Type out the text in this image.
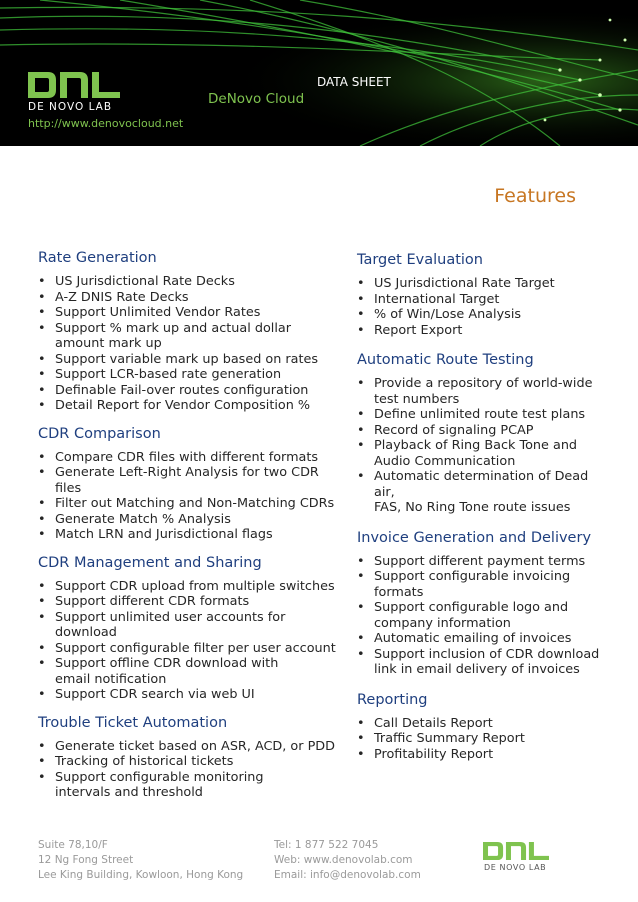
DE NOVO LAB
http://www.denovocloud.net
DeNovo Cloud
DATA SHEET
Features
Rate Generation
• US Jurisdictional Rate Decks
• A-Z DNIS Rate Decks
• Support Unlimited Vendor Rates
• Support % mark up and actual dollar
amount mark up
• Support variable mark up based on rates
• Support LCR-based rate generation
• Definable Fail-over routes configuration
• Detail Report for Vendor Composition %
CDR Comparison
• Compare CDR files with different formats
• Generate Left-Right Analysis for two CDR files
• Filter out Matching and Non-Matching CDRs
• Generate Match % Analysis
• Match LRN and Jurisdictional flags
CDR Management and Sharing
• Support CDR upload from multiple switches
• Support different CDR formats
• Support unlimited user accounts for download
• Support configurable filter per user account
• Support offline CDR download with
email notification
• Support CDR search via web UI
Trouble Ticket Automation
• Generate ticket based on ASR, ACD, or PDD
• Tracking of historical tickets
• Support configurable monitoring
intervals and threshold
Target Evaluation
• US Jurisdictional Rate Target
• International Target
• % of Win/Lose Analysis
• Report Export
Automatic Route Testing
• Provide a repository of world-wide
test numbers
• Define unlimited route test plans
• Record of signaling PCAP
• Playback of Ring Back Tone and
Audio Communication
• Automatic determination of Dead air,
FAS, No Ring Tone route issues
Invoice Generation and Delivery
• Support different payment terms
• Support configurable invoicing
formats
• Support configurable logo and
company information
• Automatic emailing of invoices
• Support inclusion of CDR download
link in email delivery of invoices
Reporting
• Call Details Report
• Traffic Summary Report
• Profitability Report
Suite 78,10/F
12 Ng Fong Street
Lee King Building, Kowloon, Hong Kong
Tel: 1 877 522 7045
Web: www.denovolab.com
Email: info@denovolab.com
DE NOVO LAB
